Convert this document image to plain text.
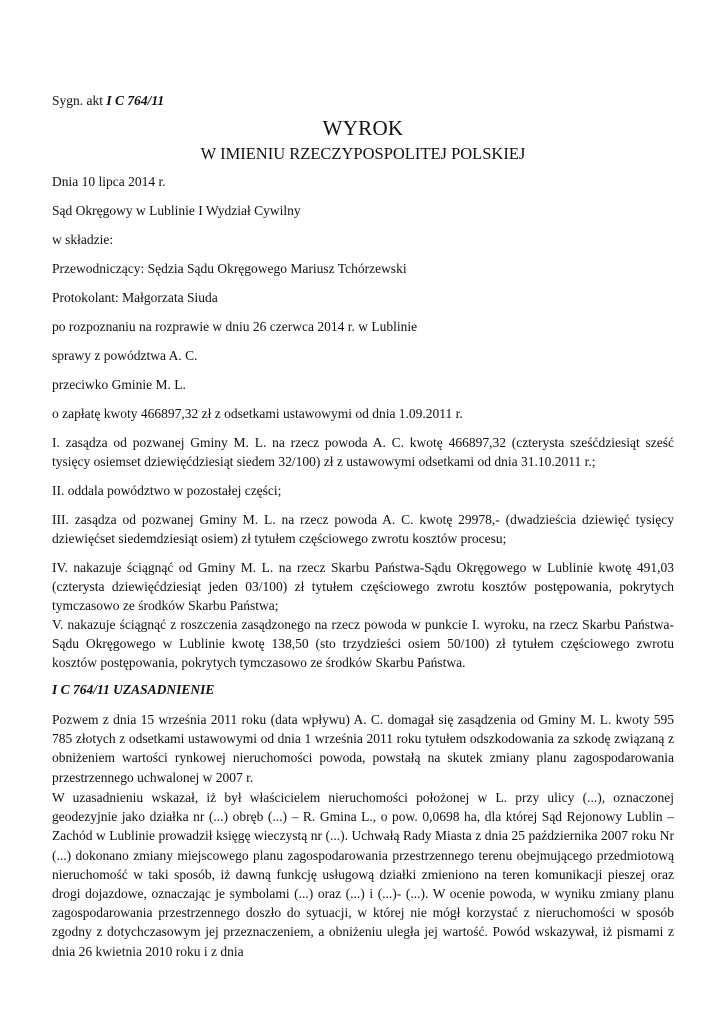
Sygn. akt I C 764/11
WYROK
W IMIENIU RZECZYPOSPOLITEJ POLSKIEJ

Dnia 10 lipca 2014 r.

Sąd Okręgowy w Lublinie I Wydział Cywilny

w składzie:

Przewodniczący: Sędzia Sądu Okręgowego Mariusz Tchórzewski

Protokolant: Małgorzata Siuda

po rozpoznaniu na rozprawie w dniu 26 czerwca 2014 r. w Lublinie

sprawy z powództwa A. C.

przeciwko Gminie M. L.

o zapłatę kwoty 466897,32 zł z odsetkami ustawowymi od dnia 1.09.2011 r.

I. zasądza od pozwanej Gminy M. L. na rzecz powoda A. C. kwotę 466897,32 (czterysta sześćdziesiąt sześć tysięcy osiemset dziewięćdziesiąt siedem 32/100) zł z ustawowymi odsetkami od dnia 31.10.2011 r.;

II. oddala powództwo w pozostałej części;

III. zasądza od pozwanej Gminy M. L. na rzecz powoda A. C. kwotę 29978,- (dwadzieścia dziewięć tysięcy dziewięćset siedemdziesiąt osiem) zł tytułem częściowego zwrotu kosztów procesu;

IV. nakazuje ściągnąć od Gminy M. L. na rzecz Skarbu Państwa-Sądu Okręgowego w Lublinie kwotę 491,03 (czterysta dziewięćdziesiąt jeden 03/100) zł tytułem częściowego zwrotu kosztów postępowania, pokrytych tymczasowo ze środków Skarbu Państwa;

V. nakazuje ściągnąć z roszczenia zasądzonego na rzecz powoda w punkcie I. wyroku, na rzecz Skarbu Państwa-Sądu Okręgowego w Lublinie kwotę 138,50 (sto trzydzieści osiem 50/100) zł tytułem częściowego zwrotu kosztów postępowania, pokrytych tymczasowo ze środków Skarbu Państwa.

I C 764/11 UZASADNIENIE

Pozwem z dnia 15 września 2011 roku (data wpływu) A. C. domagał się zasądzenia od Gminy M. L. kwoty 595 785 złotych z odsetkami ustawowymi od dnia 1 września 2011 roku tytułem odszkodowania za szkodę związaną z obniżeniem wartości rynkowej nieruchomości powoda, powstałą na skutek zmiany planu zagospodarowania przestrzennego uchwalonej w 2007 r.

W uzasadnieniu wskazał, iż był właścicielem nieruchomości położonej w L. przy ulicy (...), oznaczonej geodezyjnie jako działka nr (...) obręb (...) – R. Gmina L., o pow. 0,0698 ha, dla której Sąd Rejonowy Lublin – Zachód w Lublinie prowadził księgę wieczystą nr (...). Uchwałą Rady Miasta z dnia 25 października 2007 roku Nr (...) dokonano zmiany miejscowego planu zagospodarowania przestrzennego terenu obejmującego przedmiotową nieruchomość w taki sposób, iż dawną funkcję usługową działki zmieniono na teren komunikacji pieszej oraz drogi dojazdowe, oznaczając je symbolami (...) oraz (...) i (...)- (...). W ocenie powoda, w wyniku zmiany planu zagospodarowania przestrzennego doszło do sytuacji, w której nie mógł korzystać z nieruchomości w sposób zgodny z dotychczasowym jej przeznaczeniem, a obniżeniu uległa jej wartość. Powód wskazywał, iż pismami z dnia 26 kwietnia 2010 roku i z dnia
